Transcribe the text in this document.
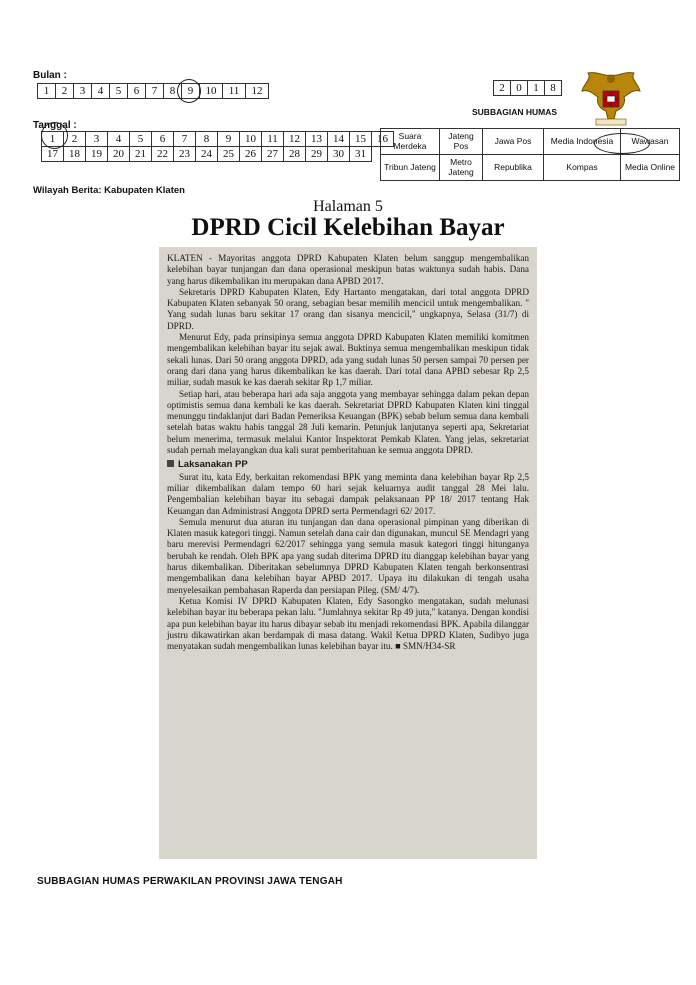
Bulan :
1	2	3	4	5	6	7	8	9	10	11	12
Tanggal :
1	2	3	4	5	6	7	8	9	10	11	12	13	14	15	16
17	18	19	20	21	22	23	24	25	26	27	28	29	30	31	
2	0	1	8
SUBBAGIAN HUMAS
Suara Merdeka	Jateng Pos	Jawa Pos	Media Indonesia	Wawasan
Tribun Jateng	Metro Jateng	Republika	Kompas	Media Online
Wilayah Berita: Kabupaten Klaten
Halaman 5
DPRD Cicil Kelebihan Bayar

KLATEN - Mayoritas anggota DPRD Kabupaten Klaten belum sanggup mengembalikan kelebihan bayar tunjangan dan dana operasional meskipun batas waktunya sudah habis. Dana yang harus dikembalikan itu merupakan dana APBD 2017.

Sekretaris DPRD Kabupaten Klaten, Edy Hartanto mengatakan, dari total anggota DPRD Kabupaten Klaten sebanyak 50 orang, sebagian besar memilih mencicil untuk mengembalikan. " Yang sudah lunas baru sekitar 17 orang dan sisanya mencicil," ungkapnya, Selasa (31/7) di DPRD.

Menurut Edy, pada prinsipinya semua anggota DPRD Kabupaten Klaten memiliki komitmen mengembalikan kelebihan bayar itu sejak awal. Buktinya semua mengembalikan meskipun tidak sekali lunas. Dari 50 orang anggota DPRD, ada yang sudah lunas 50 persen sampai 70 persen per orang dari dana yang harus dikembalikan ke kas daerah. Dari total dana APBD sebesar Rp 2,5 miliar, sudah masuk ke kas daerah sekitar Rp 1,7 miliar.

Setiap hari, atau beberapa hari ada saja anggota yang membayar sehingga dalam pekan depan optimistis semua dana kembali ke kas daerah. Sekretariat DPRD Kabupaten Klaten kini tinggal menunggu tindaklanjut dari Badan Pemeriksa Keuangan (BPK) sebab belum semua dana kembali setelah batas waktu habis tanggal 28 Juli kemarin. Petunjuk lanjutanya seperti apa, Sekretariat belum menerima, termasuk melalui Kantor Inspektorat Pemkab Klaten. Yang jelas, sekretariat sudah pernah melayangkan dua kali surat pemberitahuan ke semua anggota DPRD.

Laksanakan PP

Surat itu, kata Edy, berkaitan rekomendasi BPK yang meminta dana kelebihan bayar Rp 2,5 miliar dikembalikan dalam tempo 60 hari sejak keluarnya audit tanggal 28 Mei lalu. Pengembalian kelebihan bayar itu sebagai dampak pelaksanaan PP 18/ 2017 tentang Hak Keuangan dan Administrasi Anggota DPRD serta Permendagri 62/ 2017.

Semula menurut dua aturan itu tunjangan dan dana operasional pimpinan yang diberikan di Klaten masuk kategori tinggi. Namun setelah dana cair dan digunakan, muncul SE Mendagri yang baru merevisi Permendagri 62/2017 sehingga yang semula masuk kategori tinggi hitunganya berubah ke rendah. Oleh BPK apa yang sudah diterima DPRD itu dianggap kelebihan bayar yang harus dikembalikan. Diberitakan sebelumnya DPRD Kabupaten Klaten tengah berkonsentrasi mengembalikan dana kelebihan bayar APBD 2017. Upaya itu dilakukan di tengah usaha menyelesaikan pembahasan Raperda dan persiapan Pileg. (SM/ 4/7).

Ketua Komisi IV DPRD Kabupaten Klaten, Edy Sasongko mengatakan, sudah melunasi kelebihan bayar itu beberapa pekan lalu. "Jumlahnya sekitar Rp 49 juta," katanya. Dengan kondisi apa pun kelebihan bayar itu harus dibayar sebab itu menjadi rekomendasi BPK. Apabila dilanggar justru dikawatirkan akan berdampak di masa datang. Wakil Ketua DPRD Klaten, Sudibyo juga menyatakan sudah mengembalikan lunas kelebihan bayar itu. ■ SMN/H34-SR

SUBBAGIAN HUMAS PERWAKILAN PROVINSI JAWA TENGAH
